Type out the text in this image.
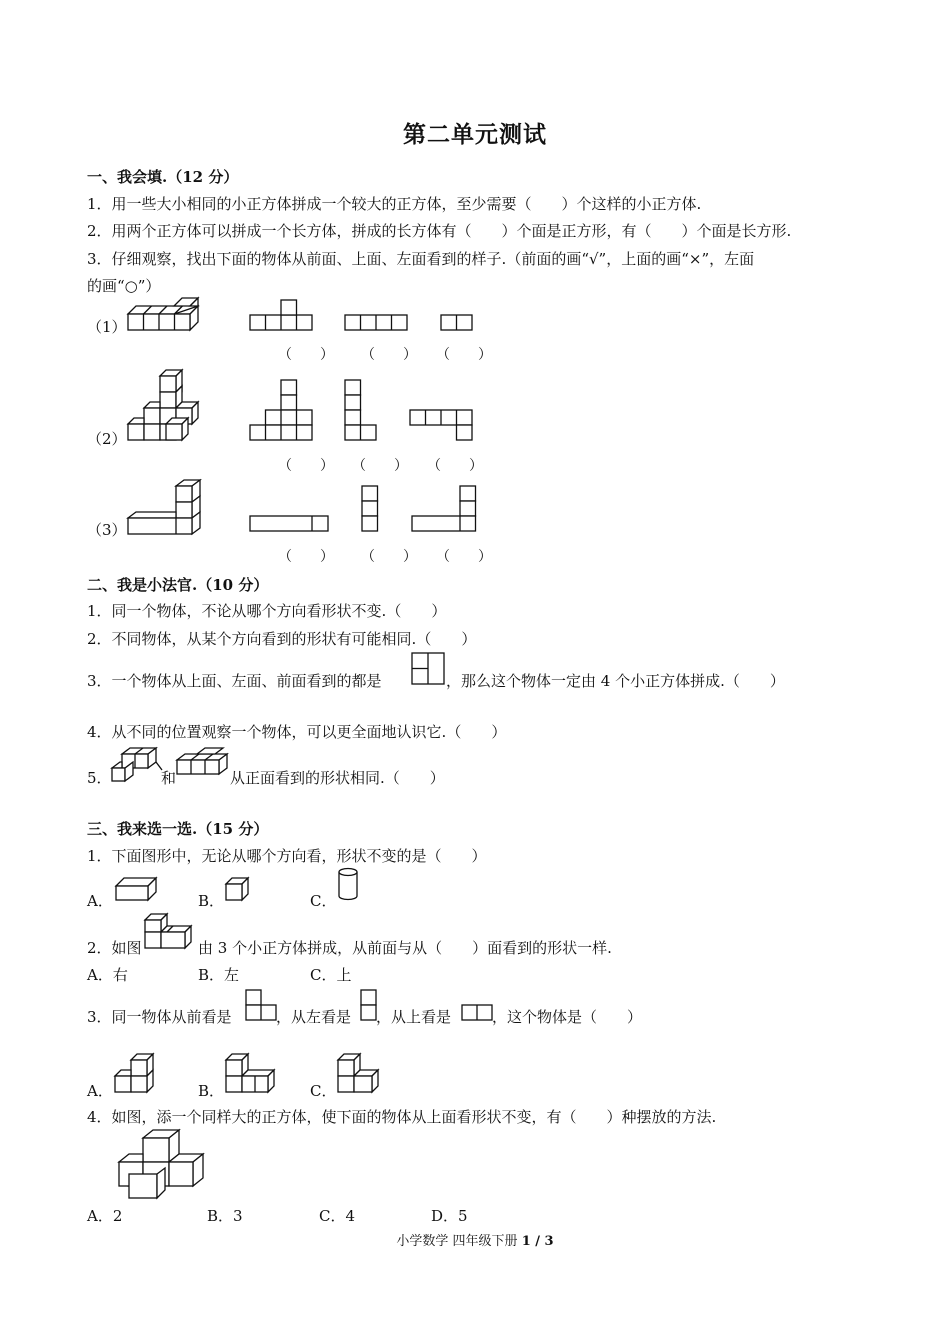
第二单元测试
一、我会填.（12 分）
1．用一些大小相同的小正方体拼成一个较大的正方体，至少需要（　　）个这样的小正方体.
2．用两个正方体可以拼成一个长方体，拼成的长方体有（　　）个面是正方形，有（　　）个面是长方形.
3．仔细观察，找出下面的物体从前面、上面、左面看到的样子.（前面的画“√”，上面的画“×”，左面
的画“○”）
（1）
（　　） （　　） （　　）
（2）
（　　） （　　） （　　）
（3）
（　　） （　　） （　　）
二、我是小法官.（10 分）
1．同一个物体，不论从哪个方向看形状不变.（　　）
2．不同物体，从某个方向看到的形状有可能相同.（　　）
3．一个物体从上面、左面、前面看到的都是	，那么这个物体一定由 4 个小正方体拼成.（　　）
4．从不同的位置观察一个物体，可以更全面地认识它.（　　）
5．	和	从正面看到的形状相同.（　　）
三、我来选一选.（15 分）
1．下面图形中，无论从哪个方向看，形状不变的是（　　）
A．	B．	C．
2．如图	由 3 个小正方体拼成，从前面与从（　　）面看到的形状一样.
A．右	B．左	C．上
3．同一物体从前看是	，从左看是 ，从上看是	，这个物体是（　　）
A．	B．	C．
4．如图，添一个同样大的正方体，使下面的物体从上面看形状不变，有（　　）种摆放的方法.
A．2	B．3	C．4	D．5
小学数学 四年级下册 1 / 3
